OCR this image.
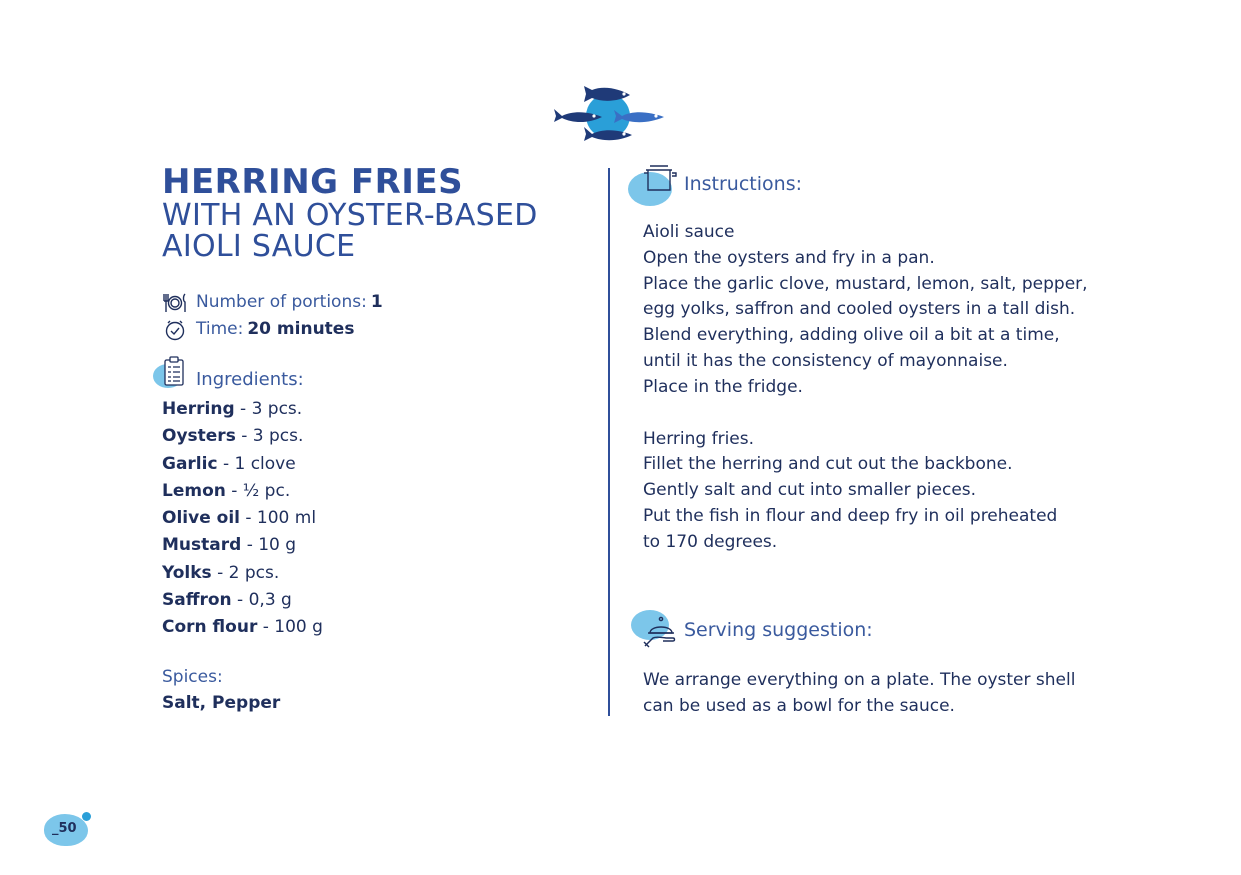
HERRING FRIES
WITH AN OYSTER-BASED
AIOLI SAUCE
Number of portions: 1
Time: 20 minutes
Ingredients:
Herring - 3 pcs.
Oysters - 3 pcs.
Garlic - 1 clove
Lemon - ½ pc.
Olive oil - 100 ml
Mustard - 10 g
Yolks - 2 pcs.
Saffron - 0,3 g
Corn flour - 100 g
Spices:
Salt, Pepper
Instructions:

Aioli sauce

Open the oysters and fry in a pan.

Place the garlic clove, mustard, lemon, salt, pepper,

egg yolks, saffron and cooled oysters in a tall dish.

Blend everything, adding olive oil a bit at a time,

until it has the consistency of mayonnaise.

Place in the fridge.

Herring fries.

Fillet the herring and cut out the backbone.

Gently salt and cut into smaller pieces.

Put the fish in flour and deep fry in oil preheated

to 170 degrees.

Serving suggestion:
We arrange everything on a plate. The oyster shell
can be used as a bowl for the sauce.
_50
